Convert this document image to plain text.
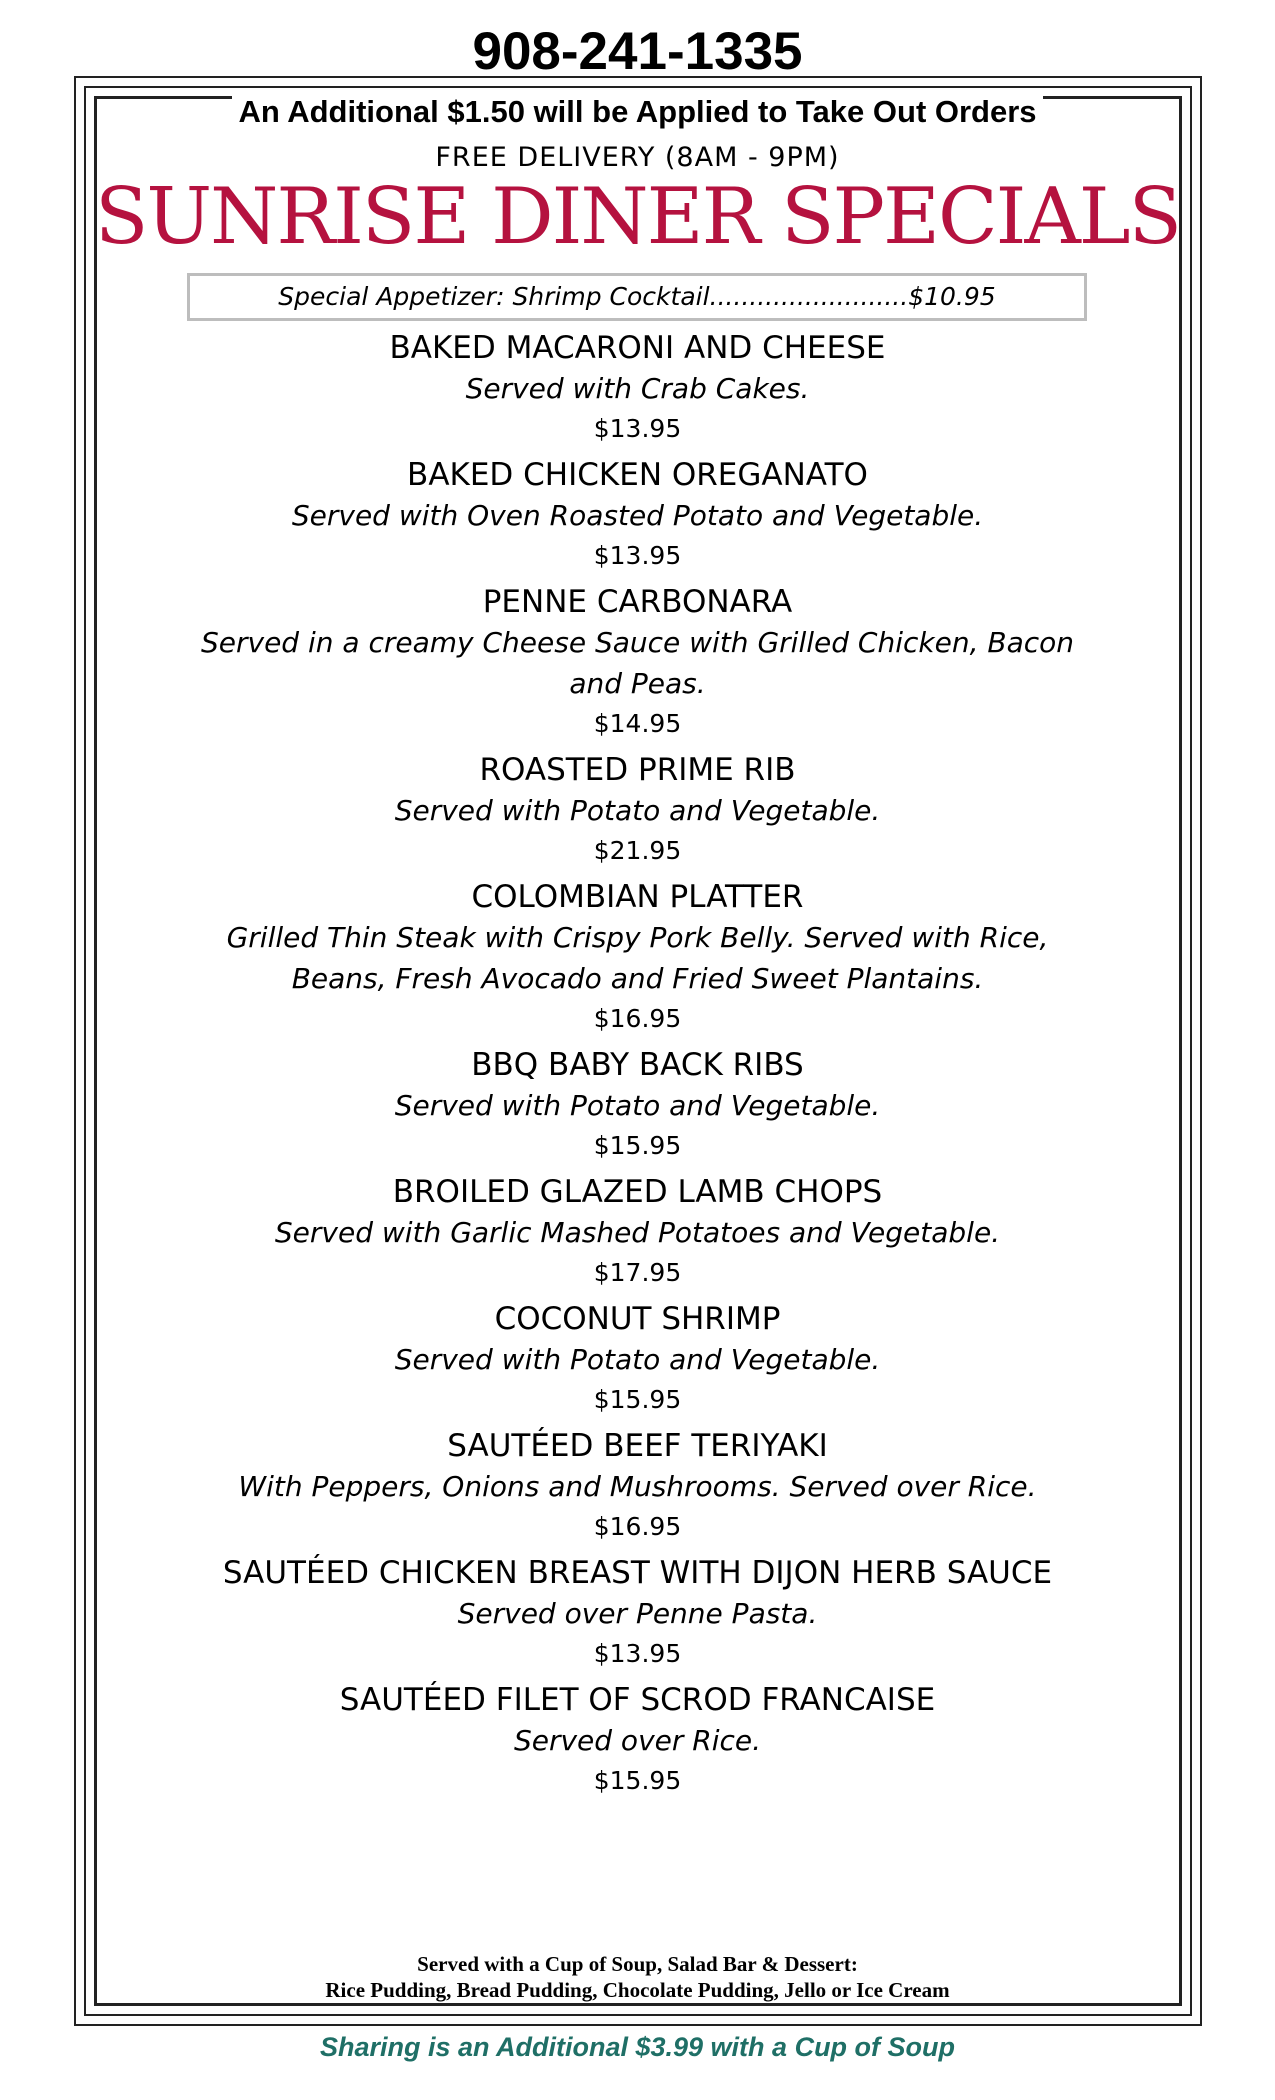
908-241-1335
An Additional $1.50 will be Applied to Take Out Orders
FREE DELIVERY (8AM - 9PM)
SUNRISE DINER SPECIALS
Special Appetizer: Shrimp Cocktail.........................$10.95
BAKED MACARONI AND CHEESE
Served with Crab Cakes.
$13.95
BAKED CHICKEN OREGANATO
Served with Oven Roasted Potato and Vegetable.
$13.95
PENNE CARBONARA
Served in a creamy Cheese Sauce with Grilled Chicken, Bacon and Peas.
$14.95
ROASTED PRIME RIB
Served with Potato and Vegetable.
$21.95
COLOMBIAN PLATTER
Grilled Thin Steak with Crispy Pork Belly. Served with Rice, Beans, Fresh Avocado and Fried Sweet Plantains.
$16.95
BBQ BABY BACK RIBS
Served with Potato and Vegetable.
$15.95
BROILED GLAZED LAMB CHOPS
Served with Garlic Mashed Potatoes and Vegetable.
$17.95
COCONUT SHRIMP
Served with Potato and Vegetable.
$15.95
SAUTÉED BEEF TERIYAKI
With Peppers, Onions and Mushrooms. Served over Rice.
$16.95
SAUTÉED CHICKEN BREAST WITH DIJON HERB SAUCE
Served over Penne Pasta.
$13.95
SAUTÉED FILET OF SCROD FRANCAISE
Served over Rice.
$15.95
Served with a Cup of Soup, Salad Bar & Dessert:
Rice Pudding, Bread Pudding, Chocolate Pudding, Jello or Ice Cream
Sharing is an Additional $3.99 with a Cup of Soup
